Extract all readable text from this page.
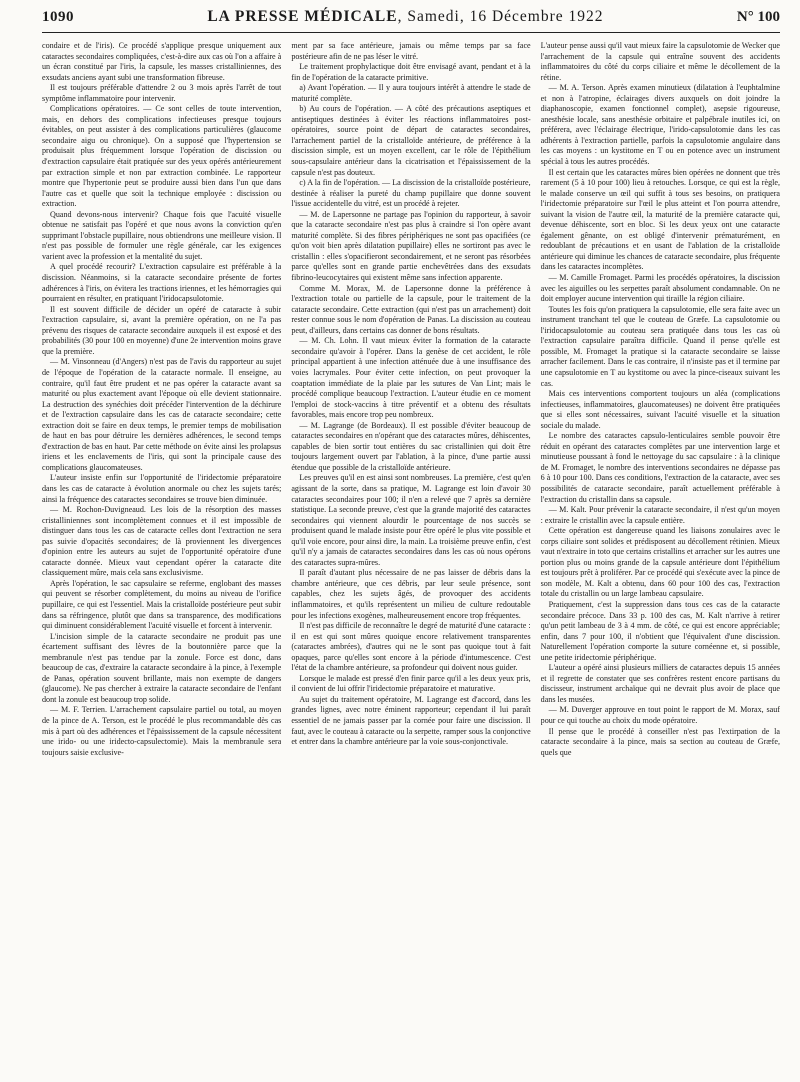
1090	LA PRESSE MÉDICALE, Samedi, 16 Décembre 1922	N° 100

condaire et de l'iris). Ce procédé s'applique presque uniquement aux cataractes secondaires compliquées, c'est-à-dire aux cas où l'on a affaire à un écran constitué par l'iris, la capsule, les masses cristalliniennes, des exsudats anciens ayant subi une transformation fibreuse.

Il est toujours préférable d'attendre 2 ou 3 mois après l'arrêt de tout symptôme inflammatoire pour intervenir.

Complications opératoires. — Ce sont celles de toute intervention, mais, en dehors des complications infectieuses presque toujours évitables, on peut assister à des complications particulières (glaucome secondaire aigu ou chronique). On a supposé que l'hypertension se produisait plus fréquemment lorsque l'opération de discission ou d'extraction capsulaire était pratiquée sur des yeux opérés antérieurement par extraction simple et non par extraction combinée. Le rapporteur montre que l'hypertonie peut se produire aussi bien dans l'un que dans l'autre cas et quelle que soit la technique employée : discission ou extraction.

Quand devons-nous intervenir? Chaque fois que l'acuité visuelle obtenue ne satisfait pas l'opéré et que nous avons la conviction qu'en supprimant l'obstacle pupillaire, nous obtiendrons une meilleure vision. Il n'est pas possible de formuler une règle générale, car les exigences varient avec la profession et la mentalité du sujet.

A quel procédé recourir? L'extraction capsulaire est préférable à la discission. Néanmoins, si la cataracte secondaire présente de fortes adhérences à l'iris, on évitera les tractions iriennes, et les hémorragies qui pourraient en résulter, en pratiquant l'iridocapsulotomie.

Il est souvent difficile de décider un opéré de cataracte à subir l'extraction capsulaire, si, avant la première opération, on ne l'a pas prévenu des risques de cataracte secondaire auxquels il est exposé et des probabilités (30 pour 100 en moyenne) d'une 2e intervention moins grave que la première.

— M. Vinsonneau (d'Angers) n'est pas de l'avis du rapporteur au sujet de l'époque de l'opération de la cataracte normale. Il enseigne, au contraire, qu'il faut être prudent et ne pas opérer la cataracte avant sa maturité ou plus exactement avant l'époque où elle devient stationnaire. La destruction des synéchies doit précéder l'intervention de la déchirure et de l'extraction capsulaire dans les cas de cataracte secondaire; cette extraction doit se faire en deux temps, le premier temps de mobilisation de haut en bas pour détruire les dernières adhérences, le second temps d'extraction de bas en haut. Par cette méthode on évite ainsi les prolapsus iriens et les enclavements de l'iris, qui sont la principale cause des complications glaucomateuses.

L'auteur insiste enfin sur l'opportunité de l'iridectomie préparatoire dans les cas de cataracte à évolution anormale ou chez les sujets tarés; ainsi la fréquence des cataractes secondaires se trouve bien diminuée.

— M. Rochon-Duvigneaud. Les lois de la résorption des masses cristalliniennes sont incomplètement connues et il est impossible de distinguer dans tous les cas de cataracte celles dont l'extraction ne sera pas suivie d'opacités secondaires; de là proviennent les divergences d'opinion entre les auteurs au sujet de l'opportunité opératoire d'une cataracte donnée. Mieux vaut cependant opérer la cataracte dite classiquement mûre, mais cela sans exclusivisme.

Après l'opération, le sac capsulaire se referme, englobant des masses qui peuvent se résorber complètement, du moins au niveau de l'orifice pupillaire, ce qui est l'essentiel. Mais la cristalloïde postérieure peut subir dans sa réfringence, plutôt que dans sa transparence, des modifications qui diminuent considérablement l'acuité visuelle et forcent à intervenir.

L'incision simple de la cataracte secondaire ne produit pas une écartement suffisant des lèvres de la boutonnière parce que la membranule n'est pas tendue par la zonule. Force est donc, dans beaucoup de cas, d'extraire la cataracte secondaire à la pince, à l'exemple de Panas, opération souvent brillante, mais non exempte de dangers (glaucome). Ne pas chercher à extraire la cataracte secondaire de l'enfant dont la zonule est beaucoup trop solide.

— M. F. Terrien. L'arrachement capsulaire partiel ou total, au moyen de la pince de A. Terson, est le procédé le plus recommandable dès cas mis à part où des adhérences et l'épaississement de la capsule nécessitent une irido- ou une iridecto-capsulectomie). Mais la membranule sera toujours saisie exclusive-

ment par sa face antérieure, jamais ou même temps par sa face postérieure afin de ne pas léser le vitré.

Le traitement prophylactique doit être envisagé avant, pendant et à la fin de l'opération de la cataracte primitive.

a) Avant l'opération. — Il y aura toujours intérêt à attendre le stade de maturité complète.

b) Au cours de l'opération. — A côté des précautions aseptiques et antiseptiques destinées à éviter les réactions inflammatoires post-opératoires, source point de départ de cataractes secondaires, l'arrachement partiel de la cristalloïde antérieure, de préférence à la discission simple, est un moyen excellent, car le rôle de l'épithélium sous-capsulaire antérieur dans la cicatrisation et l'épaississement de la capsule n'est pas douteux.

c) A la fin de l'opération. — La discission de la cristalloïde postérieure, destinée à réaliser la pureté du champ pupillaire que donne souvent l'issue accidentelle du vitré, est un procédé à rejeter.

— M. de Lapersonne ne partage pas l'opinion du rapporteur, à savoir que la cataracte secondaire n'est pas plus à craindre si l'on opère avant maturité complète. Si des fibres périphériques ne sont pas opacifiées (ce qu'on voit bien après dilatation pupillaire) elles ne sortiront pas avec le cristallin : elles s'opacifieront secondairement, et ne seront pas résorbées parce qu'elles sont en grande partie enchevêtrées dans des exsudats fibrino-leucocytaires qui existent même sans infection apparente.

Comme M. Morax, M. de Lapersonne donne la préférence à l'extraction totale ou partielle de la capsule, pour le traitement de la cataracte secondaire. Cette extraction (qui n'est pas un arrachement) doit rester connue sous le nom d'opération de Panas. La discission au couteau peut, d'ailleurs, dans certains cas donner de bons résultats.

— M. Ch. Lohn. Il vaut mieux éviter la formation de la cataracte secondaire qu'avoir à l'opérer. Dans la genèse de cet accident, le rôle principal appartient à une infection atténuée due à une insuffisance des voies lacrymales. Pour éviter cette infection, on peut provoquer la coaptation immédiate de la plaie par les sutures de Van Lint; mais le procédé complique beaucoup l'extraction. L'auteur étudie en ce moment l'emploi de stock-vaccins à titre préventif et a obtenu des résultats favorables, mais encore trop peu nombreux.

— M. Lagrange (de Bordeaux). Il est possible d'éviter beaucoup de cataractes secondaires en n'opérant que des cataractes mûres, déhiscentes, capables de bien sortir tout entières du sac cristallinien qui doit être toujours largement ouvert par l'ablation, à la pince, d'une partie aussi étendue que possible de la cristalloïde antérieure.

Les preuves qu'il en est ainsi sont nombreuses. La première, c'est qu'en agissant de la sorte, dans sa pratique, M. Lagrange est loin d'avoir 30 cataractes secondaires pour 100; il n'en a relevé que 7 après sa dernière statistique. La seconde preuve, c'est que la grande majorité des cataractes secondaires qui viennent alourdir le pourcentage de nos succès se produisent quand le malade insiste pour être opéré le plus vite possible et qu'il voie encore, pour ainsi dire, la main. La troisième preuve enfin, c'est qu'il n'y a jamais de cataractes secondaires dans les cas où nous opérons des cataractes supra-mûres.

Il paraît d'autant plus nécessaire de ne pas laisser de débris dans la chambre antérieure, que ces débris, par leur seule présence, sont capables, chez les sujets âgés, de provoquer des accidents inflammatoires, et qu'ils représentent un milieu de culture redoutable pour les infections exogènes, malheureusement encore trop fréquentes.

Il n'est pas difficile de reconnaître le degré de maturité d'une cataracte : il en est qui sont mûres quoique encore relativement transparentes (cataractes ambrées), d'autres qui ne le sont pas quoique tout à fait opaques, parce qu'elles sont encore à la période d'intumescence. C'est l'état de la chambre antérieure, sa profondeur qui doivent nous guider.

Lorsque le malade est pressé d'en finir parce qu'il a les deux yeux pris, il convient de lui offrir l'iridectomie préparatoire et maturative.

Au sujet du traitement opératoire, M. Lagrange est d'accord, dans les grandes lignes, avec notre éminent rapporteur; cependant il lui paraît essentiel de ne jamais passer par la cornée pour faire une discission. Il faut, avec le couteau à cataracte ou la serpette, ramper sous la conjonctive et entrer dans la chambre antérieure par la voie sous-conjonctivale.

L'auteur pense aussi qu'il vaut mieux faire la capsulotomie de Wecker que l'arrachement de la capsule qui entraîne souvent des accidents inflammatoires du côté du corps ciliaire et même le décollement de la rétine.

— M. A. Terson. Après examen minutieux (dilatation à l'euphtalmine et non à l'atropine, éclairages divers auxquels on doit joindre la diaphanoscopie, examen fonctionnel complet), asepsie rigoureuse, anesthésie locale, sans anesthésie orbitaire et palpébrale inutiles ici, on préférera, avec l'éclairage électrique, l'irido-capsulotomie dans les cas adhérents à l'extraction partielle, parfois la capsulotomie angulaire dans les cas moyens : un kystitome en T ou en potence avec un instrument spécial à tous les autres procédés.

Il est certain que les cataractes mûres bien opérées ne donnent que très rarement (5 à 10 pour 100) lieu à retouches. Lorsque, ce qui est la règle, le malade conserve un œil qui suffit à tous ses besoins, on pratiquera l'iridectomie préparatoire sur l'œil le plus atteint et l'on pourra attendre, suivant la vision de l'autre œil, la maturité de la première cataracte qui, devenue déhiscente, sort en bloc. Si les deux yeux ont une cataracte également gênante, on est obligé d'intervenir prématurément, en redoublant de précautions et en usant de l'ablation de la cristalloïde antérieure qui diminue les chances de cataracte secondaire, plus fréquente dans les cataractes incomplètes.

— M. Camille Fromaget. Parmi les procédés opératoires, la discission avec les aiguilles ou les serpettes paraît absolument condamnable. On ne doit employer aucune intervention qui tiraille la région ciliaire.

Toutes les fois qu'on pratiquera la capsulotomie, elle sera faite avec un instrument tranchant tel que le couteau de Græfe. La capsulotomie ou l'iridocapsulotomie au couteau sera pratiquée dans tous les cas où l'extraction capsulaire paraîtra difficile. Quand il pense qu'elle est possible, M. Fromaget la pratique si la cataracte secondaire se laisse arracher facilement. Dans le cas contraire, il n'insiste pas et il termine par une capsulotomie en T au kystitome ou avec la pince-ciseaux suivant les cas.

Mais ces interventions comportent toujours un aléa (complications infectieuses, inflammatoires, glaucomateuses) ne doivent être pratiquées que si elles sont nécessaires, suivant l'acuité visuelle et la situation sociale du malade.

Le nombre des cataractes capsulo-lenticulaires semble pouvoir être réduit en opérant des cataractes complètes par une intervention large et minutieuse poussant à fond le nettoyage du sac capsulaire : à la clinique de M. Fromaget, le nombre des interventions secondaires ne dépasse pas 6 à 10 pour 100. Dans ces conditions, l'extraction de la cataracte, avec ses possibilités de cataracte secondaire, paraît actuellement préférable à l'extraction du cristallin dans sa capsule.

— M. Kalt. Pour prévenir la cataracte secondaire, il n'est qu'un moyen : extraire le cristallin avec la capsule entière.

Cette opération est dangereuse quand les liaisons zonulaires avec le corps ciliaire sont solides et prédisposent au décollement rétinien. Mieux vaut n'extraire in toto que certains cristallins et arracher sur les autres une portion plus ou moins grande de la capsule antérieure dont l'épithélium est toujours prêt à proliférer. Par ce procédé qui s'exécute avec la pince de son modèle, M. Kalt a obtenu, dans 60 pour 100 des cas, l'extraction totale du cristallin ou un large lambeau capsulaire.

Pratiquement, c'est la suppression dans tous ces cas de la cataracte secondaire précoce. Dans 33 p. 100 des cas, M. Kalt n'arrive à retirer qu'un petit lambeau de 3 à 4 mm. de côté, ce qui est encore appréciable; enfin, dans 7 pour 100, il n'obtient que l'équivalent d'une discission. Naturellement l'opération comporte la suture cornéenne et, si possible, une petite iridectomie périphérique.

L'auteur a opéré ainsi plusieurs milliers de cataractes depuis 15 années et il regrette de constater que ses confrères restent encore partisans du discisseur, instrument archaïque qui ne devrait plus avoir de place que dans les musées.

— M. Duverger approuve en tout point le rapport de M. Morax, sauf pour ce qui touche au choix du mode opératoire.

Il pense que le procédé à conseiller n'est pas l'extirpation de la cataracte secondaire à la pince, mais sa section au couteau de Græfe, quels que
